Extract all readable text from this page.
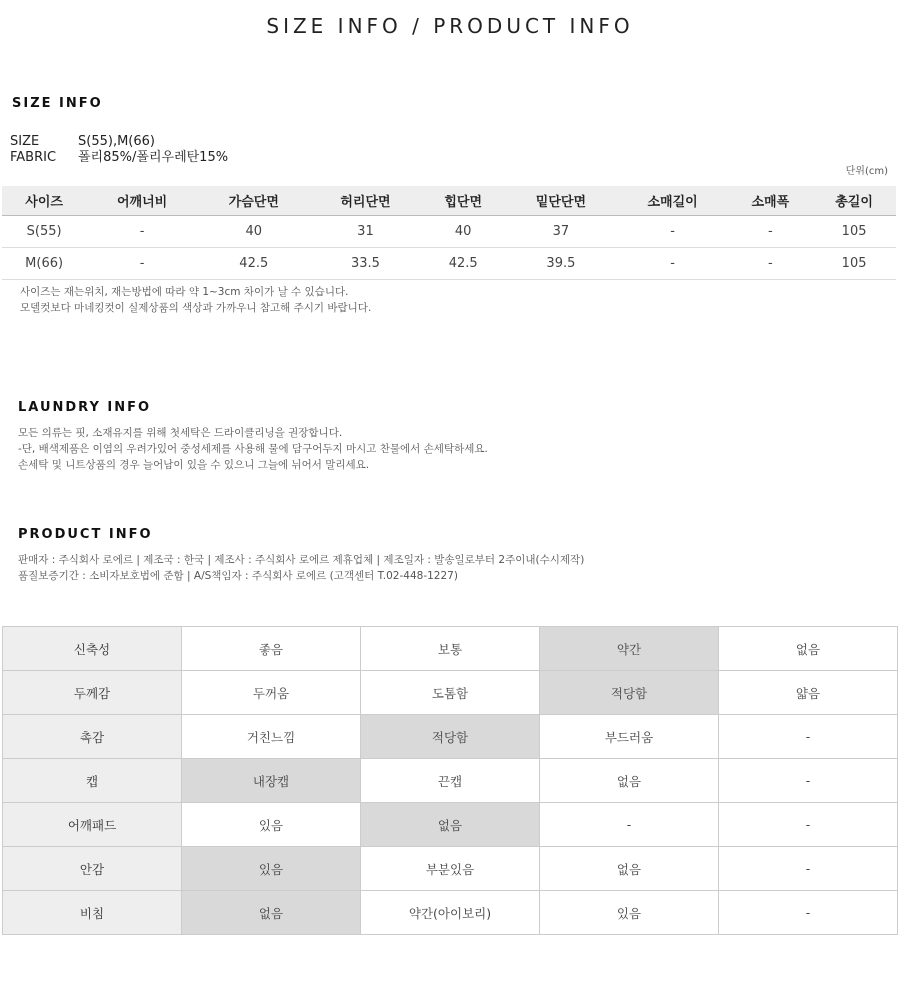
SIZE INFO / PRODUCT INFO
SIZE INFO
SIZE	S(55),M(66)
FABRIC	폴리85%/폴리우레탄15%
단위(cm)
사이즈	어깨너비	가슴단면	허리단면	힙단면	밑단단면	소매길이	소매폭	총길이
S(55)	-	40	31	40	37	-	-	105
M(66)	-	42.5	33.5	42.5	39.5	-	-	105
사이즈는 재는위치, 재는방법에 따라 약 1~3cm 차이가 날 수 있습니다.
모델컷보다 마네킹컷이 실제상품의 색상과 가까우니 참고해 주시기 바랍니다.
LAUNDRY INFO
모든 의류는 핏, 소재유지를 위해 첫세탁은 드라이클리닝을 권장합니다.
-단, 배색제품은 이염의 우려가있어 중성세제를 사용해 물에 담구어두지 마시고 찬물에서 손세탁하세요.
손세탁 및 니트상품의 경우 늘어남이 있을 수 있으니 그늘에 뉘어서 말리세요.
PRODUCT INFO
판매자 : 주식회사 로에르 | 제조국 : 한국 | 제조사 : 주식회사 로에르 제휴업체 | 제조일자 : 발송일로부터 2주이내(수시제작)
품질보증기간 : 소비자보호법에 준함 | A/S책임자 : 주식회사 로에르 (고객센터 T.02-448-1227)
신축성	좋음	보통	약간	없음
두께감	두꺼움	도톰함	적당함	얇음
촉감	거친느낌	적당함	부드러움	-
캡	내장캡	끈캡	없음	-
어깨패드	있음	없음	-	-
안감	있음	부분있음	없음	-
비침	없음	약간(아이보리)	있음	-
